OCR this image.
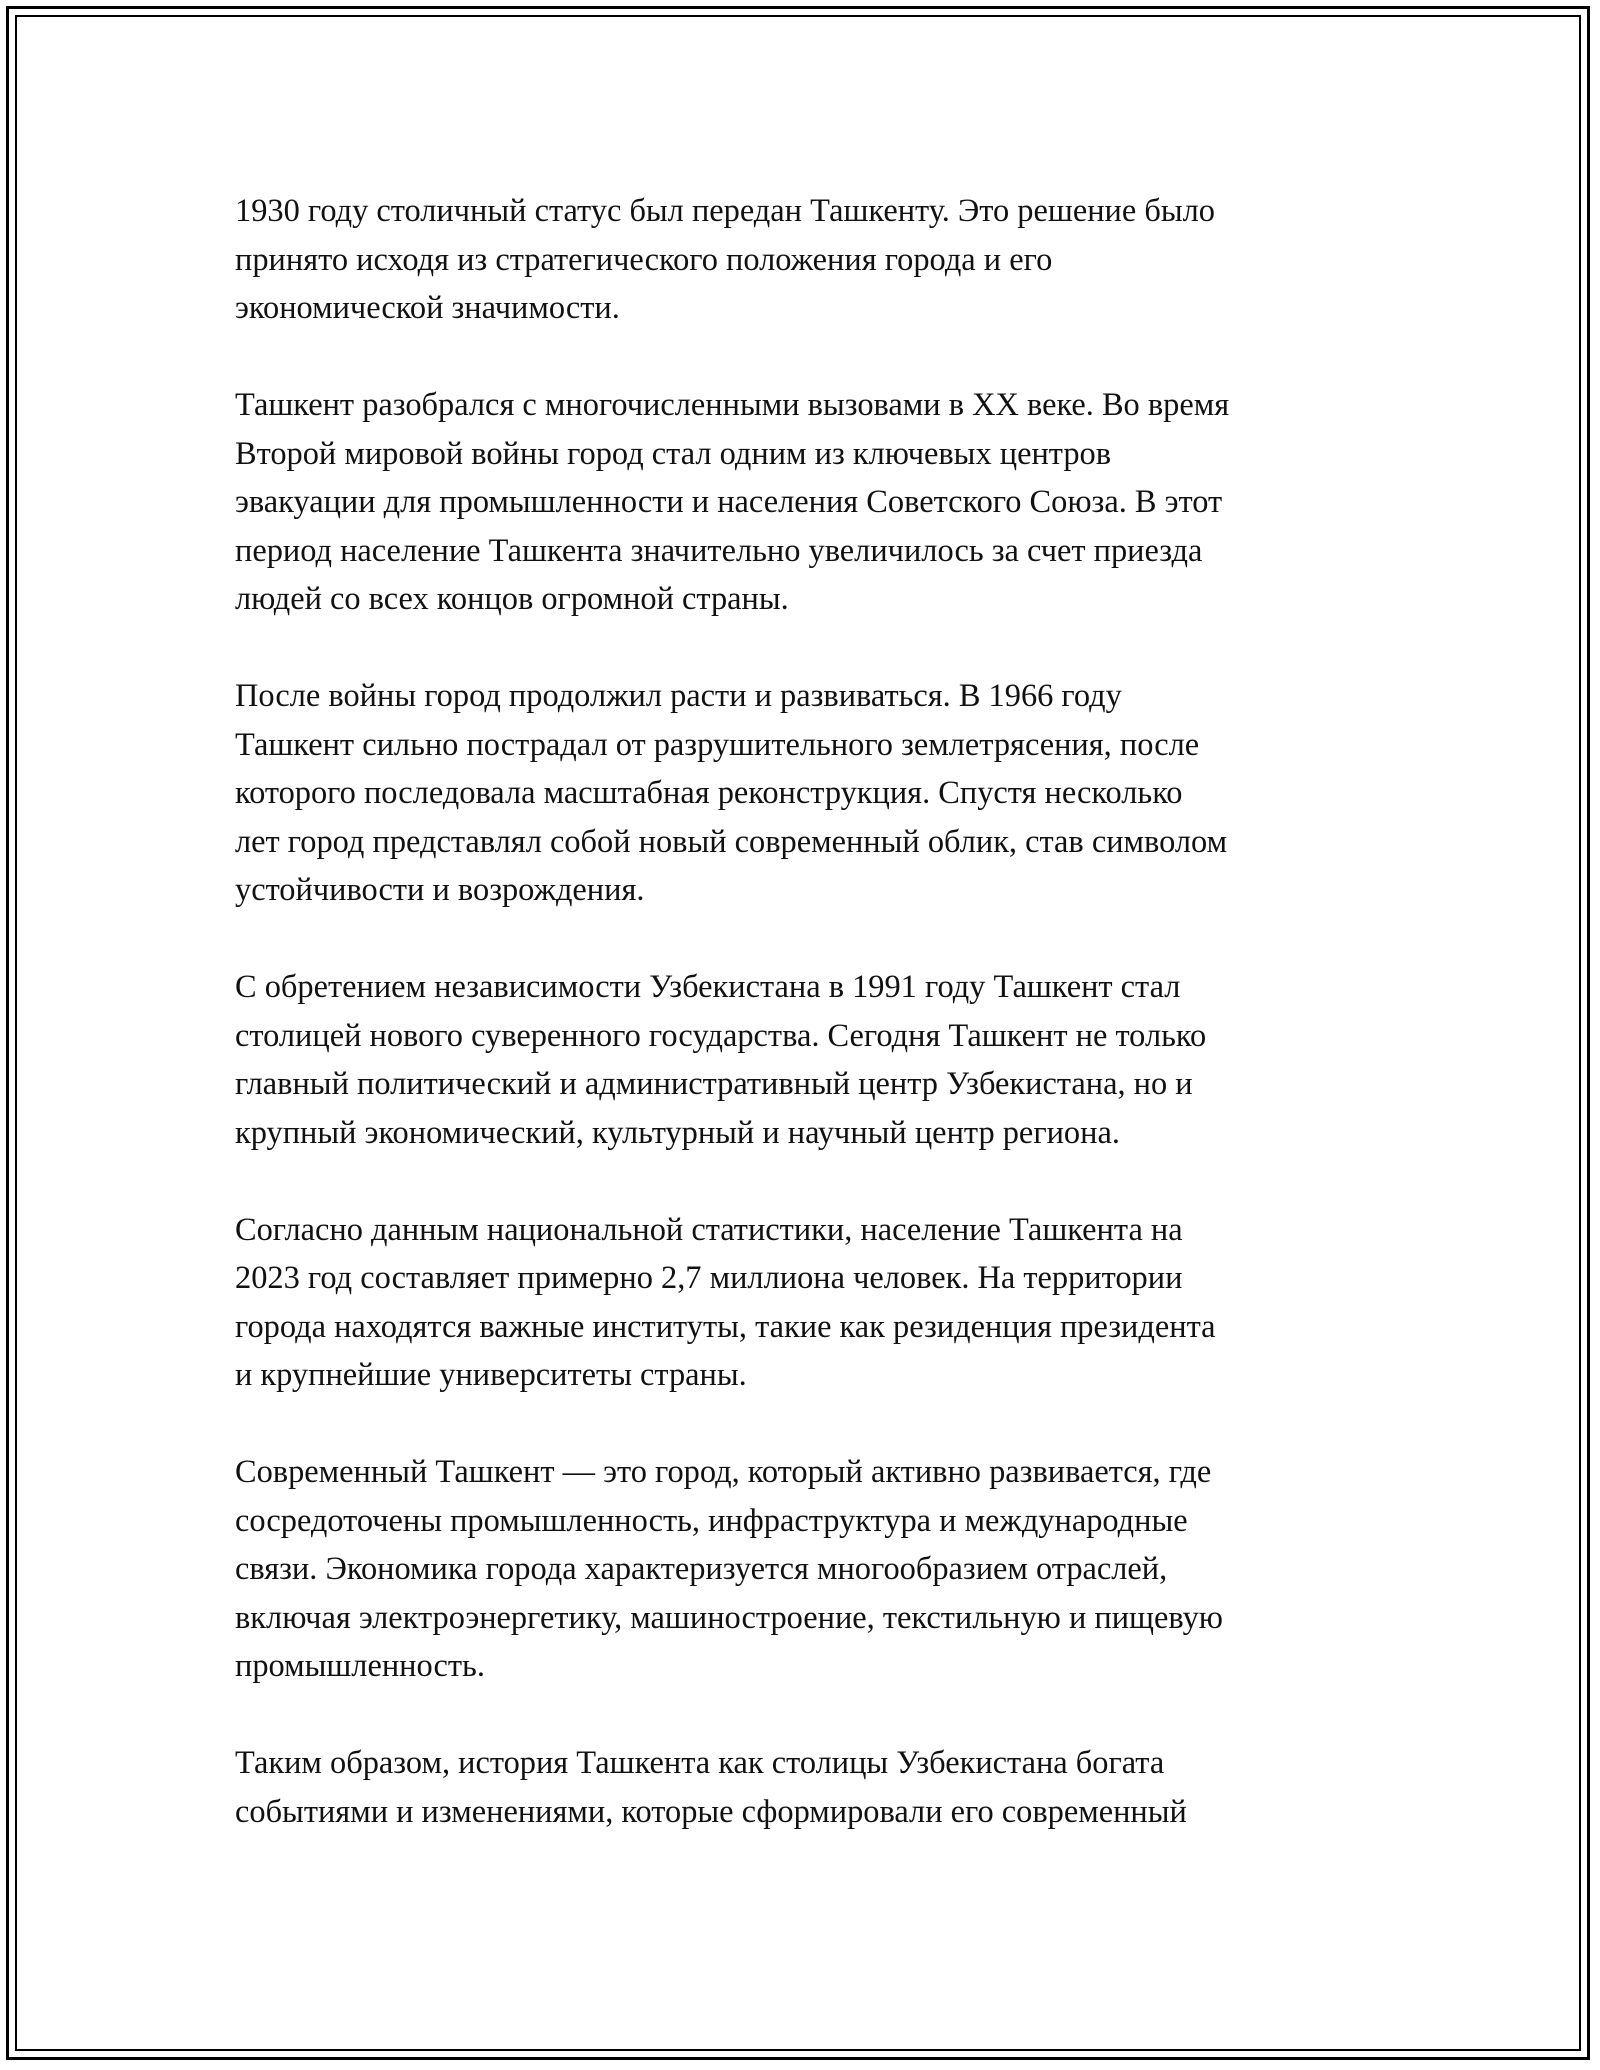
1930 году столичный статус был передан Ташкенту. Это решение было
принято исходя из стратегического положения города и его
экономической значимости.

Ташкент разобрался с многочисленными вызовами в XX веке. Во время
Второй мировой войны город стал одним из ключевых центров
эвакуации для промышленности и населения Советского Союза. В этот
период население Ташкента значительно увеличилось за счет приезда
людей со всех концов огромной страны.

После войны город продолжил расти и развиваться. В 1966 году
Ташкент сильно пострадал от разрушительного землетрясения, после
которого последовала масштабная реконструкция. Спустя несколько
лет город представлял собой новый современный облик, став символом
устойчивости и возрождения.

С обретением независимости Узбекистана в 1991 году Ташкент стал
столицей нового суверенного государства. Сегодня Ташкент не только
главный политический и административный центр Узбекистана, но и
крупный экономический, культурный и научный центр региона.

Согласно данным национальной статистики, население Ташкента на
2023 год составляет примерно 2,7 миллиона человек. На территории
города находятся важные институты, такие как резиденция президента
и крупнейшие университеты страны.

Современный Ташкент — это город, который активно развивается, где
сосредоточены промышленность, инфраструктура и международные
связи. Экономика города характеризуется многообразием отраслей,
включая электроэнергетику, машиностроение, текстильную и пищевую
промышленность.

Таким образом, история Ташкента как столицы Узбекистана богата
событиями и изменениями, которые сформировали его современный
